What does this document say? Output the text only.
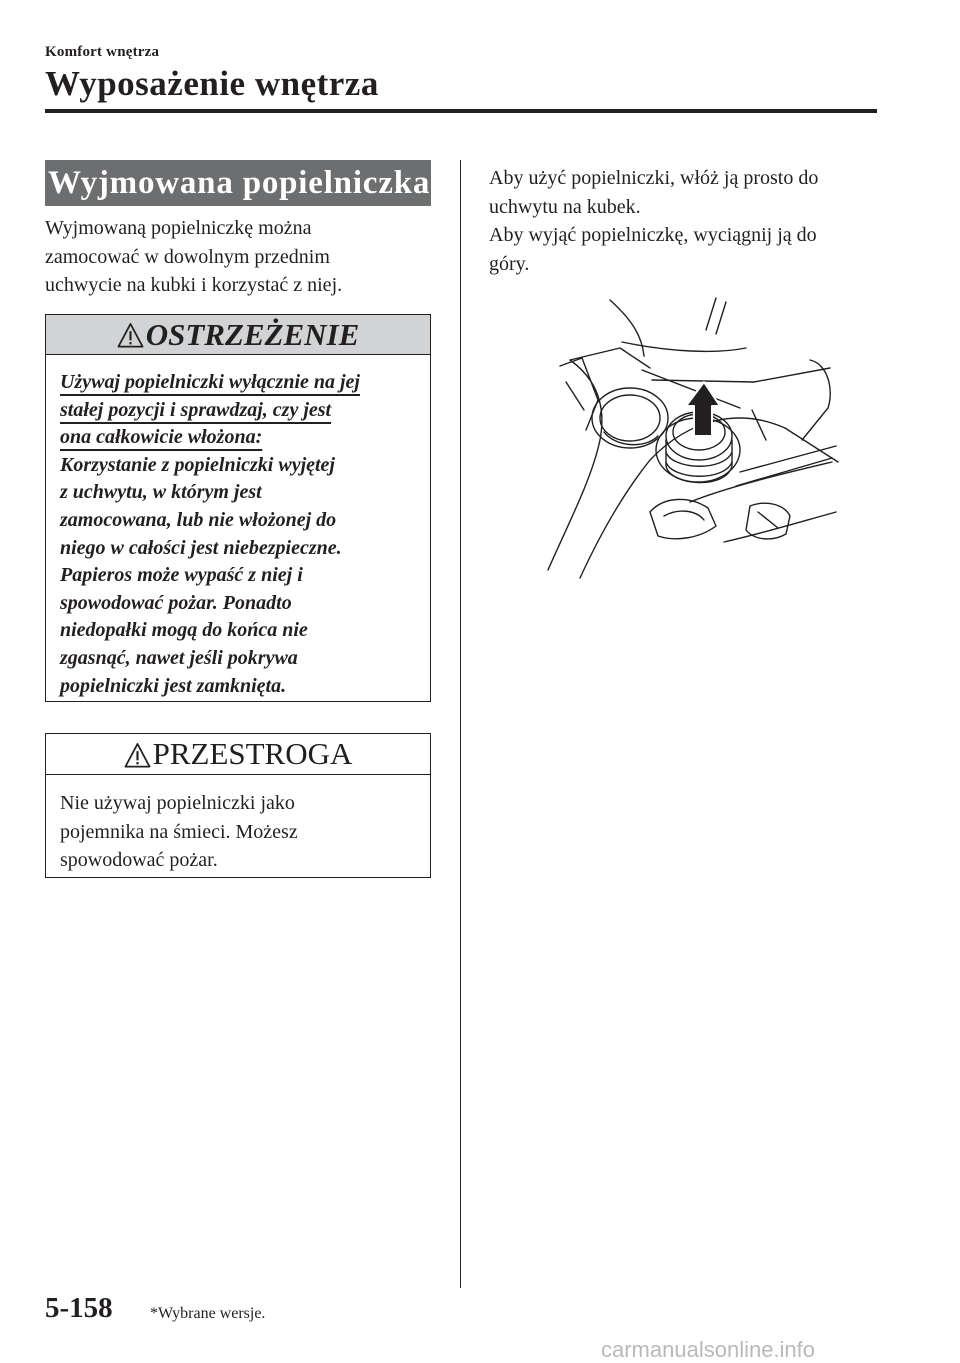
Komfort wnętrza
Wyposażenie wnętrza
Wyjmowana popielniczka*

Wyjmowaną popielniczkę można

zamocować w dowolnym przednim

uchwycie na kubki i korzystać z niej.

OSTRZEŻENIE
Używaj popielniczki wyłącznie na jej
stałej pozycji i sprawdzaj, czy jest
ona całkowicie włożona:
Korzystanie z popielniczki wyjętej
z uchwytu, w którym jest
zamocowana, lub nie włożonej do
niego w całości jest niebezpieczne.
Papieros może wypaść z niej i
spowodować pożar. Ponadto
niedopałki mogą do końca nie
zgasnąć, nawet jeśli pokrywa
popielniczki jest zamknięta.
PRZESTROGA
Nie używaj popielniczki jako
pojemnika na śmieci. Możesz
spowodować pożar.

Aby użyć popielniczki, włóż ją prosto do

uchwytu na kubek.

Aby wyjąć popielniczkę, wyciągnij ją do

góry.

5-158 *Wybrane wersje.
carmanualsonline.info
